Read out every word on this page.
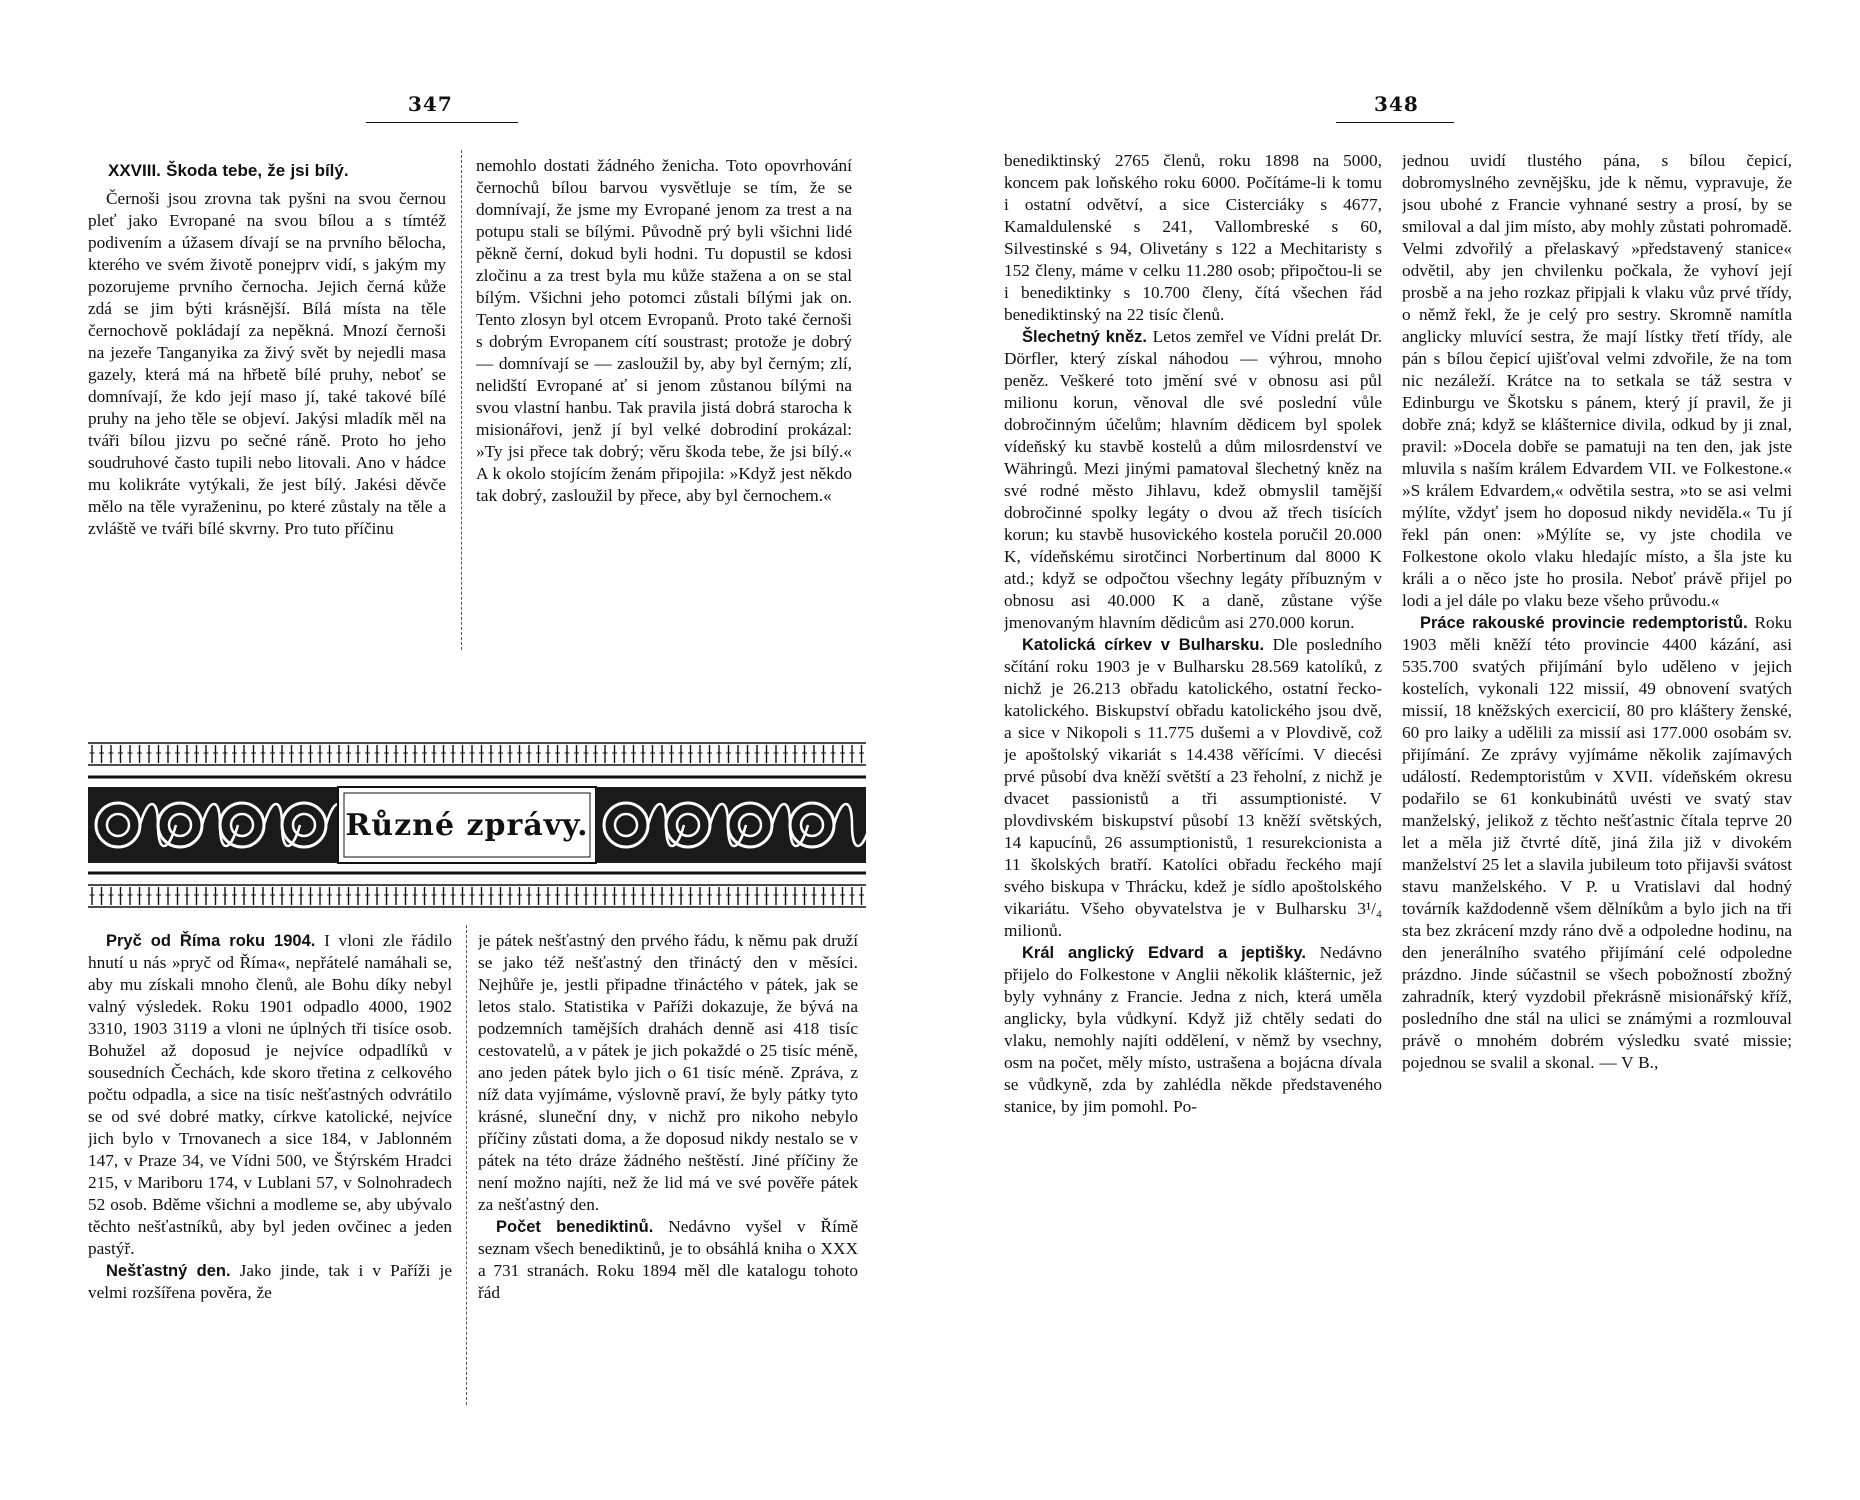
347	348
XXVIII. Škoda tebe, že jsi bílý.

Černoši jsou zrovna tak pyšni na svou černou pleť jako Evropané na svou bílou a s tímtéž podivením a úžasem dívají se na prvního bělocha, kterého ve svém životě ponejprv vidí, s jakým my pozorujeme prvního černocha. Jejich černá kůže zdá se jim býti krásnější. Bílá místa na těle černochově pokládají za nepěkná. Mnozí černoši na jezeře Tanganyika za živý svět by nejedli masa gazely, která má na hřbetě bílé pruhy, neboť se domnívají, že kdo její maso jí, také takové bílé pruhy na jeho těle se objeví. Jakýsi mladík měl na tváři bílou jizvu po sečné ráně. Proto ho jeho soudruhové často tupili nebo litovali. Ano v hádce mu kolikráte vytýkali, že jest bílý. Jakési děvče mělo na těle vyraženinu, po které zůstaly na těle a zvláště ve tváři bílé skvrny. Pro tuto příčinu

nemohlo dostati žádného ženicha. Toto opovrhování černochů bílou barvou vysvětluje se tím, že se domnívají, že jsme my Evropané jenom za trest a na potupu stali se bílými. Původně prý byli všichni lidé pěkně černí, dokud byli hodni. Tu dopustil se kdosi zločinu a za trest byla mu kůže stažena a on se stal bílým. Všichni jeho potomci zůstali bílými jak on. Tento zlosyn byl otcem Evropanů. Proto také černoši s dobrým Evropanem cítí soustrast; protože je dobrý — domnívají se — zasloužil by, aby byl černým; zlí, nelidští Evropané ať si jenom zůstanou bílými na svou vlastní hanbu. Tak pravila jistá dobrá starocha k misionářovi, jenž jí byl velké dobrodiní prokázal: »Ty jsi přece tak dobrý; věru škoda tebe, že jsi bílý.« A k okolo stojícím ženám připojila: »Když jest někdo tak dobrý, zasloužil by přece, aby byl černochem.«

Různé zprávy.

Pryč od Říma roku 1904. I vloni zle řádilo hnutí u nás »pryč od Říma«, nepřátelé namáhali se, aby mu získali mnoho členů, ale Bohu díky nebyl valný výsledek. Roku 1901 odpadlo 4000, 1902 3310, 1903 3119 a vloni ne úplných tři tisíce osob. Bohužel až doposud je nejvíce odpadlíků v sousedních Čechách, kde skoro třetina z celkového počtu odpadla, a sice na tisíc nešťastných odvrátilo se od své dobré matky, církve katolické, nejvíce jich bylo v Trnovanech a sice 184, v Jablonném 147, v Praze 34, ve Vídni 500, ve Štýrském Hradci 215, v Mariboru 174, v Lublani 57, v Solnohradech 52 osob. Bděme všichni a modleme se, aby ubývalo těchto nešťastníků, aby byl jeden ovčinec a jeden pastýř.

Nešťastný den. Jako jinde, tak i v Paříži je velmi rozšířena pověra, že

je pátek nešťastný den prvého řádu, k němu pak druží se jako též nešťastný den třináctý den v měsíci. Nejhůře je, jestli připadne třináctého v pátek, jak se letos stalo. Statistika v Paříži dokazuje, že bývá na podzemních tamějších drahách denně asi 418 tisíc cestovatelů, a v pátek je jich pokaždé o 25 tisíc méně, ano jeden pátek bylo jich o 61 tisíc méně. Zpráva, z níž data vyjímáme, výslovně praví, že byly pátky tyto krásné, sluneční dny, v nichž pro nikoho nebylo příčiny zůstati doma, a že doposud nikdy nestalo se v pátek na této dráze žádného neštěstí. Jiné příčiny že není možno najíti, než že lid má ve své pověře pátek za nešťastný den.

Počet benediktinů. Nedávno vyšel v Římě seznam všech benediktinů, je to obsáhlá kniha o XXX a 731 stranách. Roku 1894 měl dle katalogu tohoto řád

benediktinský 2765 členů, roku 1898 na 5000, koncem pak loňského roku 6000. Počítáme-li k tomu i ostatní odvětví, a sice Cisterciáky s 4677, Kamaldulenské s 241, Vallombreské s 60, Silvestinské s 94, Olivetány s 122 a Mechitaristy s 152 členy, máme v celku 11.280 osob; připočtou-li se i benediktinky s 10.700 členy, čítá všechen řád benediktinský na 22 tisíc členů.

Šlechetný kněz. Letos zemřel ve Vídni prelát Dr. Dörfler, který získal náhodou — výhrou, mnoho peněz. Veškeré toto jmění své v obnosu asi půl milionu korun, věnoval dle své poslední vůle dobročinným účelům; hlavním dědicem byl spolek vídeňský ku stavbě kostelů a dům milosrdenství ve Währingů. Mezi jinými pamatoval šlechetný kněz na své rodné město Jihlavu, kdež obmyslil tamější dobročinné spolky legáty o dvou až třech tisících korun; ku stavbě husovického kostela poručil 20.000 K, vídeňskému sirotčinci Norbertinum dal 8000 K atd.; když se odpočtou všechny legáty příbuzným v obnosu asi 40.000 K a daně, zůstane výše jmenovaným hlavním dědicům asi 270.000 korun.

Katolická církev v Bulharsku. Dle posledního sčítání roku 1903 je v Bulharsku 28.569 katolíků, z nichž je 26.213 obřadu katolického, ostatní řecko-katolického. Biskupství obřadu katolického jsou dvě, a sice v Nikopoli s 11.775 dušemi a v Plovdivě, což je apoštolský vikariát s 14.438 věřícími. V diecési prvé působí dva kněží světští a 23 řeholní, z nichž je dvacet passionistů a tři assumptionisté. V plovdivském biskupství působí 13 kněží světských, 14 kapucínů, 26 assumptionistů, 1 resurekcionista a 11 školských bratří. Katolíci obřadu řeckého mají svého biskupa v Thrácku, kdež je sídlo apoštolského vikariátu. Všeho obyvatelstva je v Bulharsku 3¹/₄ milionů.

Král anglický Edvard a jeptišky. Nedávno přijelo do Folkestone v Anglii několik klášternic, jež byly vyhnány z Francie. Jedna z nich, která uměla anglicky, byla vůdkyní. Když již chtěly sedati do vlaku, nemohly najíti oddělení, v němž by vsechny, osm na počet, měly místo, ustrašena a bojácna dívala se vůdkyně, zda by zahlédla někde představeného stanice, by jim pomohl. Po-

jednou uvidí tlustého pána, s bílou čepicí, dobromyslného zevnějšku, jde k němu, vypravuje, že jsou ubohé z Francie vyhnané sestry a prosí, by se smiloval a dal jim místo, aby mohly zůstati pohromadě. Velmi zdvořilý a přelaskavý »představený stanice« odvětil, aby jen chvilenku počkala, že vyhoví její prosbě a na jeho rozkaz připjali k vlaku vůz prvé třídy, o němž řekl, že je celý pro sestry. Skromně namítla anglicky mluvící sestra, že mají lístky třetí třídy, ale pán s bílou čepicí ujišťoval velmi zdvořile, že na tom nic nezáleží. Krátce na to setkala se táž sestra v Edinburgu ve Škotsku s pánem, který jí pravil, že ji dobře zná; když se klášternice divila, odkud by ji znal, pravil: »Docela dobře se pamatuji na ten den, jak jste mluvila s naším králem Edvardem VII. ve Folkestone.« »S králem Edvardem,« odvětila sestra, »to se asi velmi mýlíte, vždyť jsem ho doposud nikdy neviděla.« Tu jí řekl pán onen: »Mýlíte se, vy jste chodila ve Folkestone okolo vlaku hledajíc místo, a šla jste ku králi a o něco jste ho prosila. Neboť právě přijel po lodi a jel dále po vlaku beze všeho průvodu.«

Práce rakouské provincie redemptoristů. Roku 1903 měli kněží této provincie 4400 kázání, asi 535.700 svatých přijímání bylo uděleno v jejich kostelích, vykonali 122 missií, 49 obnovení svatých missií, 18 kněžských exercicií, 80 pro kláštery ženské, 60 pro laiky a udělili za missií asi 177.000 osobám sv. přijímání. Ze zprávy vyjímáme několik zajímavých událostí. Redemptoristům v XVII. vídeňském okresu podařilo se 61 konkubinátů uvésti ve svatý stav manželský, jelikož z těchto nešťastnic čítala teprve 20 let a měla již čtvrté dítě, jiná žila již v divokém manželství 25 let a slavila jubileum toto přijavši svátost stavu manželského. V P. u Vratislavi dal hodný továrník každodenně všem dělníkům a bylo jich na tři sta bez zkrácení mzdy ráno dvě a odpoledne hodinu, na den jenerálního svatého přijímání celé odpoledne prázdno. Jinde súčastnil se všech pobožností zbožný zahradník, který vyzdobil překrásně misionářský kříž, posledního dne stál na ulici se známými a rozmlouval právě o mnohém dobrém výsledku svaté missie; pojednou se svalil a skonal. — V B.,
